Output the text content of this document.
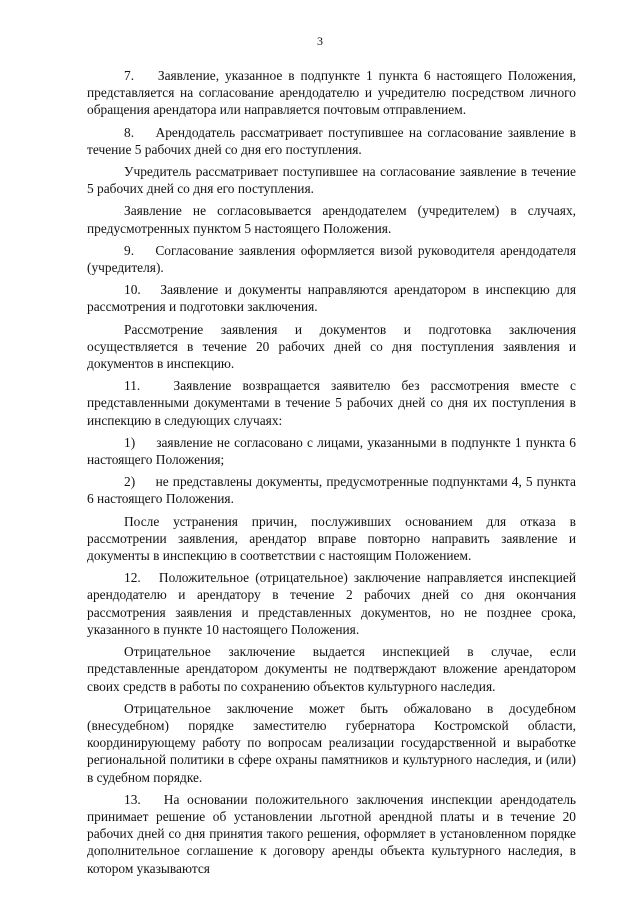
3

7.    Заявление, указанное в подпункте 1 пункта 6 настоящего Положения, представляется на согласование арендодателю и учредителю посредством личного обращения арендатора или направляется почтовым отправлением.

8.    Арендодатель рассматривает поступившее на согласование заявление в течение 5 рабочих дней со дня его поступления.

Учредитель рассматривает поступившее на согласование заявление в течение 5 рабочих дней со дня его поступления.

Заявление не согласовывается арендодателем (учредителем) в случаях, предусмотренных пунктом 5 настоящего Положения.

9.    Согласование заявления оформляется визой руководителя арендодателя (учредителя).

10.   Заявление и документы направляются арендатором в инспекцию для рассмотрения и подготовки заключения.

Рассмотрение заявления и документов и подготовка заключения осуществляется в течение 20 рабочих дней со дня поступления заявления и документов в инспекцию.

11.   Заявление возвращается заявителю без рассмотрения вместе с представленными документами в течение 5 рабочих дней со дня их поступления в инспекцию в следующих случаях:

1)     заявление не согласовано с лицами, указанными в подпункте 1 пункта 6 настоящего Положения;

2)     не представлены документы, предусмотренные подпунктами 4, 5 пункта 6 настоящего Положения.

После устранения причин, послуживших основанием для отказа в рассмотрении заявления, арендатор вправе повторно направить заявление и документы в инспекцию в соответствии с настоящим Положением.

12.   Положительное (отрицательное) заключение направляется инспекцией арендодателю и арендатору в течение 2 рабочих дней со дня окончания рассмотрения заявления и представленных документов, но не позднее срока, указанного в пункте 10 настоящего Положения.

Отрицательное заключение выдается инспекцией в случае, если представленные арендатором документы не подтверждают вложение арендатором своих средств в работы по сохранению объектов культурного наследия.

Отрицательное заключение может быть обжаловано в досудебном (внесудебном) порядке заместителю губернатора Костромской области, координирующему работу по вопросам реализации государственной и выработке региональной политики в сфере охраны памятников и культурного наследия, и (или) в судебном порядке.

13.   На основании положительного заключения инспекции арендодатель принимает решение об установлении льготной арендной платы и в течение 20 рабочих дней со дня принятия такого решения, оформляет в установленном порядке дополнительное соглашение к договору аренды объекта культурного наследия, в котором указываются
